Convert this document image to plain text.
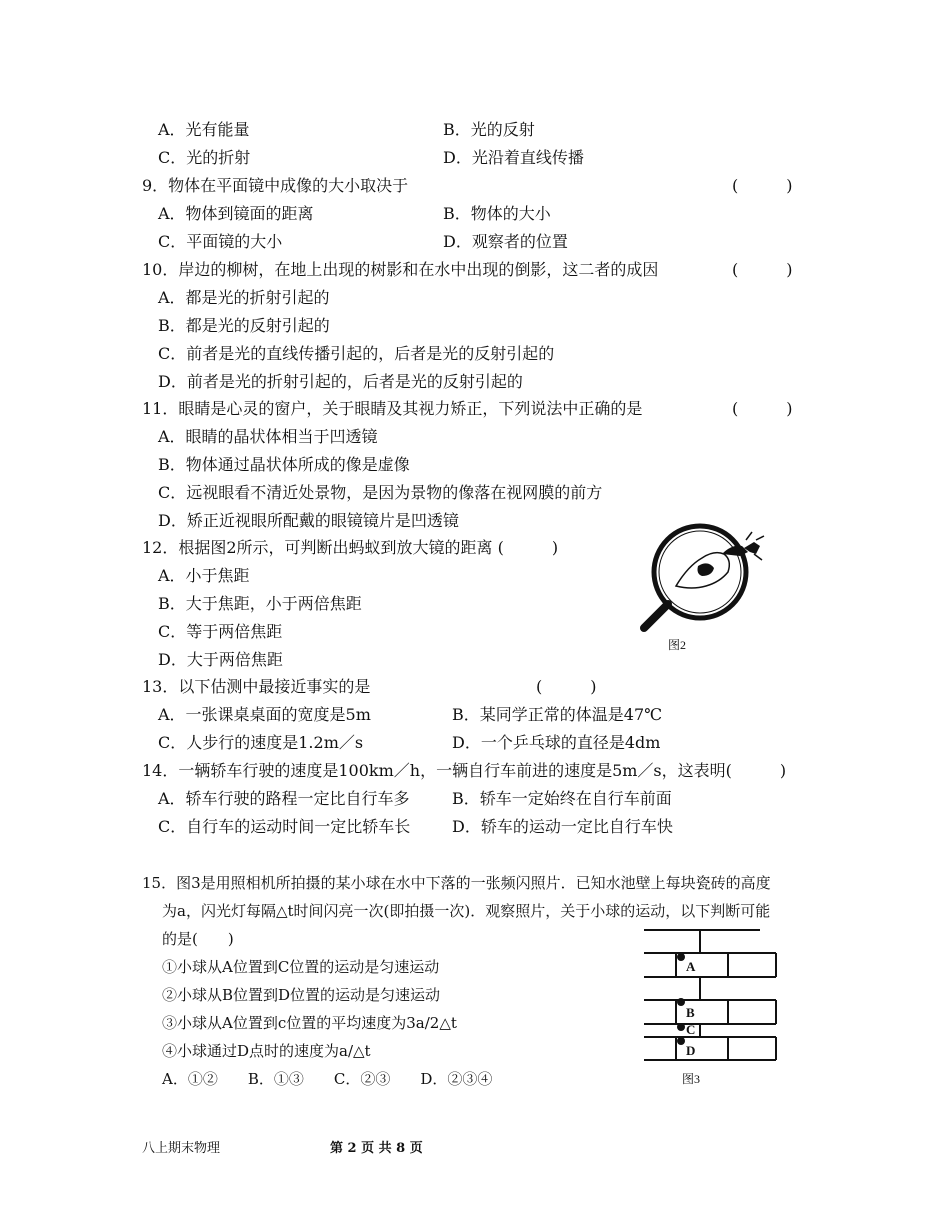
A．光有能量	B．光的反射
C．光的折射	D．光沿着直线传播
9．物体在平面镜中成像的大小取决于	(　　　)
A．物体到镜面的距离	B．物体的大小
C．平面镜的大小	D．观察者的位置
10．岸边的柳树，在地上出现的树影和在水中出现的倒影，这二者的成因	(　　　)
A．都是光的折射引起的
B．都是光的反射引起的
C．前者是光的直线传播引起的，后者是光的反射引起的
D．前者是光的折射引起的，后者是光的反射引起的
11．眼睛是心灵的窗户，关于眼睛及其视力矫正，下列说法中正确的是	(　　　)
A．眼睛的晶状体相当于凹透镜
B．物体通过晶状体所成的像是虚像
C．远视眼看不清近处景物，是因为景物的像落在视网膜的前方
D．矫正近视眼所配戴的眼镜镜片是凹透镜
12．根据图2所示，可判断出蚂蚁到放大镜的距离 (　　　)
A．小于焦距
B．大于焦距，小于两倍焦距
C．等于两倍焦距
D．大于两倍焦距
图2
13．以下估测中最接近事实的是	(　　　)
A．一张课桌桌面的宽度是5m	B．某同学正常的体温是47℃
C．人步行的速度是1.2m／s	D．一个乒乓球的直径是4dm
14．一辆轿车行驶的速度是100km／h，一辆自行车前进的速度是5m／s，这表明(　　　)
A．轿车行驶的路程一定比自行车多	B．轿车一定始终在自行车前面
C．自行车的运动时间一定比轿车长	D．轿车的运动一定比自行车快
15．图3是用照相机所拍摄的某小球在水中下落的一张频闪照片．已知水池壁上每块瓷砖的高度
为a，闪光灯每隔△t时间闪亮一次(即拍摄一次)．观察照片，关于小球的运动，以下判断可能
的是(　　)
①小球从A位置到C位置的运动是匀速运动
②小球从B位置到D位置的运动是匀速运动
③小球从A位置到c位置的平均速度为3a/2△t
④小球通过D点时的速度为a/△t
A．①②　　B．①③　　C．②③　　D．②③④
A
B
C
D
图3
八上期末物理	第 2 页 共 8 页
